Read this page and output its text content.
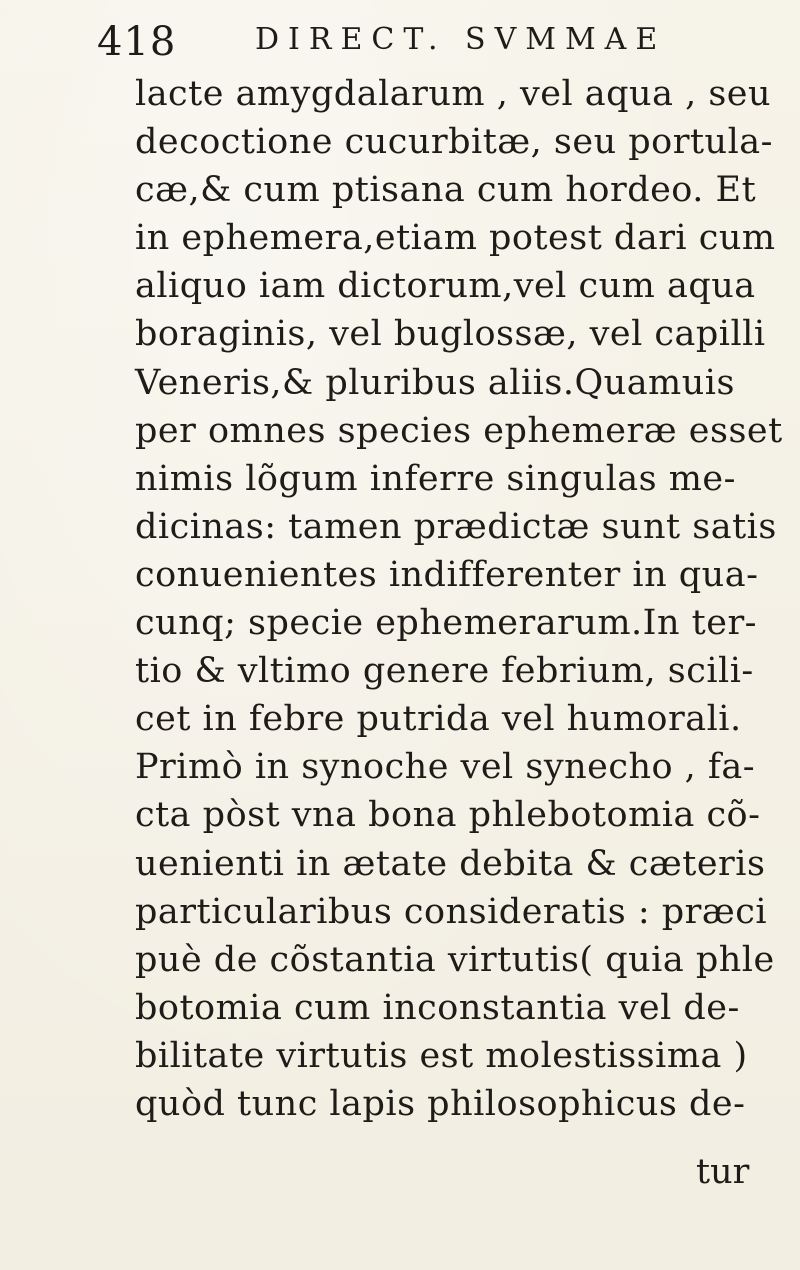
418	DIRECT. SVMMAE
lacte amygdalarum , vel aqua , seu
decoctione cucurbitæ, seu portula-
cæ,& cum ptisana cum hordeo. Et
in ephemera,etiam potest dari cum
aliquo iam dictorum,vel cum aqua
boraginis, vel buglossæ, vel capilli
Veneris,& pluribus aliis.Quamuis
per omnes species ephemeræ esset
nimis lõgum inferre singulas me-
dicinas: tamen prædictæ sunt satis
conuenientes indifferenter in qua-
cunq; specie ephemerarum.In ter-
tio & vltimo genere febrium, scili-
cet in febre putrida vel humorali.
Primò in synoche vel synecho , fa-
cta pòst vna bona phlebotomia cõ-
uenienti in ætate debita & cæteris
particularibus consideratis : præci
puè de cõstantia virtutis( quia phle
botomia cum inconstantia vel de-
bilitate virtutis est molestissima )
quòd tunc lapis philosophicus de-
tur
